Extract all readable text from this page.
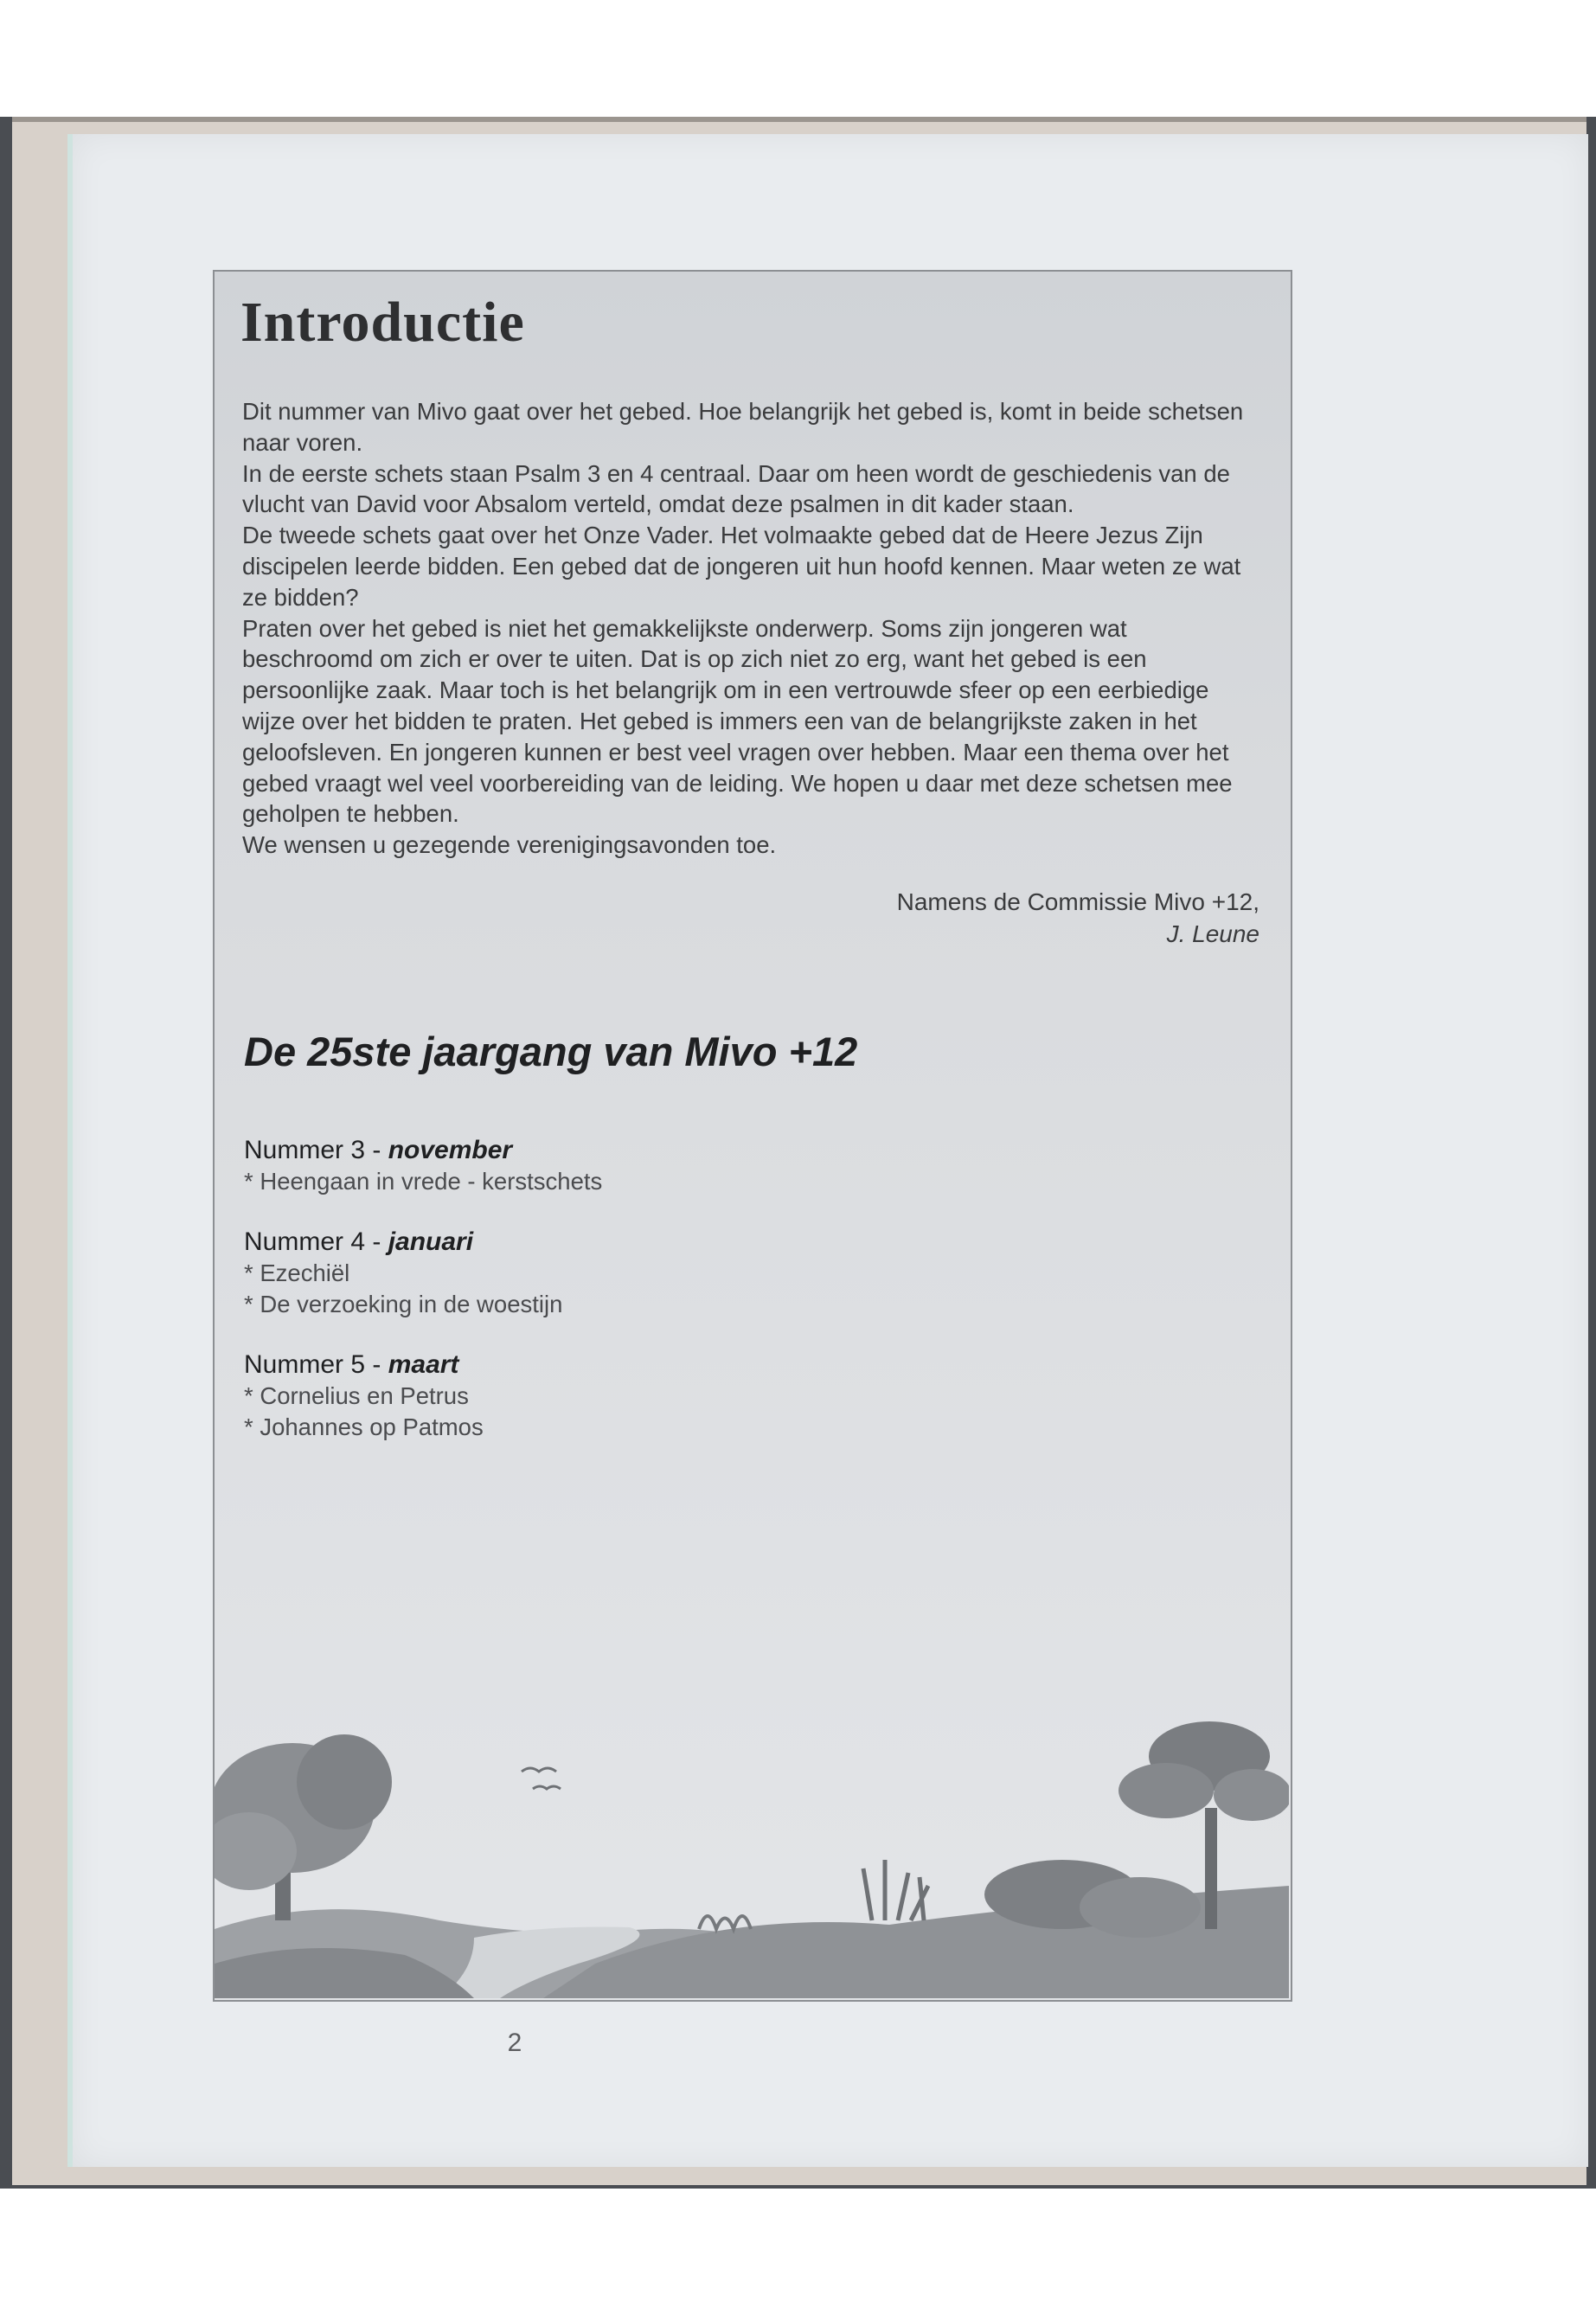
Introductie

Dit nummer van Mivo gaat over het gebed. Hoe belangrijk het gebed is, komt in beide schetsen naar voren.

In de eerste schets staan Psalm 3 en 4 centraal. Daar om heen wordt de geschiedenis van de vlucht van David voor Absalom verteld, omdat deze psalmen in dit kader staan.

De tweede schets gaat over het Onze Vader. Het volmaakte gebed dat de Heere Jezus Zijn discipelen leerde bidden. Een gebed dat de jongeren uit hun hoofd kennen. Maar weten ze wat ze bidden?

Praten over het gebed is niet het gemakkelijkste onderwerp. Soms zijn jongeren wat beschroomd om zich er over te uiten. Dat is op zich niet zo erg, want het gebed is een persoonlijke zaak. Maar toch is het belangrijk om in een vertrouwde sfeer op een eerbiedige wijze over het bidden te praten. Het gebed is immers een van de belangrijkste zaken in het geloofsleven. En jongeren kunnen er best veel vragen over hebben. Maar een thema over het gebed vraagt wel veel voorbereiding van de leiding. We hopen u daar met deze schetsen mee geholpen te hebben.

We wensen u gezegende verenigingsavonden toe.

Namens de Commissie Mivo +12,
J. Leune
De 25ste jaargang van Mivo +12
Nummer 3 - november

* Heengaan in vrede - kerstschets

Nummer 4 - januari

* Ezechiël

* De verzoeking in de woestijn

Nummer 5 - maart

* Cornelius en Petrus

* Johannes op Patmos

2
